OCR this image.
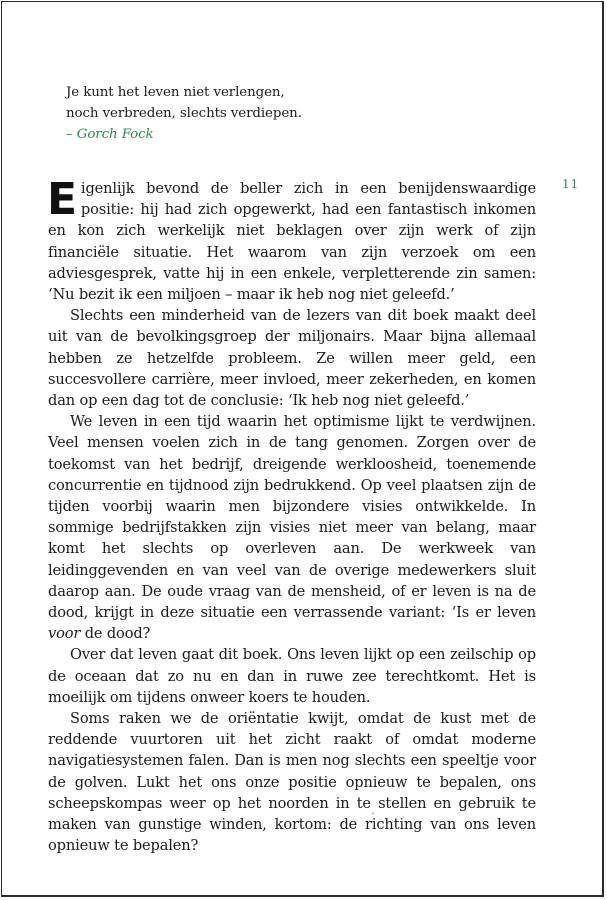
Je kunt het leven niet verlengen,
noch verbreden, slechts verdiepen.
– Gorch Fock
11

Eigenlijk bevond de beller zich in een benijdenswaardige positie: hij had zich opgewerkt, had een fantastisch inkomen en kon zich werkelijk niet beklagen over zijn werk of zijn financiële situatie. Het waarom van zijn verzoek om een adviesgesprek, vatte hij in een enkele, verpletterende zin samen: ‘Nu bezit ik een miljoen – maar ik heb nog niet geleefd.’

Slechts een minderheid van de lezers van dit boek maakt deel uit van de bevolkingsgroep der miljonairs. Maar bijna allemaal hebben ze hetzelfde probleem. Ze willen meer geld, een succesvollere carrière, meer invloed, meer zekerheden, en komen dan op een dag tot de conclusie: ‘Ik heb nog niet geleefd.’

We leven in een tijd waarin het optimisme lijkt te verdwijnen. Veel mensen voelen zich in de tang genomen. Zorgen over de toekomst van het bedrijf, dreigende werkloosheid, toenemende concurrentie en tijdnood zijn bedrukkend. Op veel plaatsen zijn de tijden voorbij waarin men bijzondere visies ontwikkelde. In sommige bedrijfstakken zijn visies niet meer van belang, maar komt het slechts op overleven aan. De werkweek van leidinggevenden en van veel van de overige medewerkers sluit daarop aan. De oude vraag van de mensheid, of er leven is na de dood, krijgt in deze situatie een verrassende variant: ‘Is er leven voor de dood?

Over dat leven gaat dit boek. Ons leven lijkt op een zeilschip op de oceaan dat zo nu en dan in ruwe zee terechtkomt. Het is moeilijk om tijdens onweer koers te houden.

Soms raken we de oriëntatie kwijt, omdat de kust met de reddende vuurtoren uit het zicht raakt of omdat moderne navigatiesystemen falen. Dan is men nog slechts een speeltje voor de golven. Lukt het ons onze positie opnieuw te bepalen, ons scheepskompas weer op het noorden in te stellen en gebruik te maken van gunstige winden, kortom: de richting van ons leven opnieuw te bepalen?
